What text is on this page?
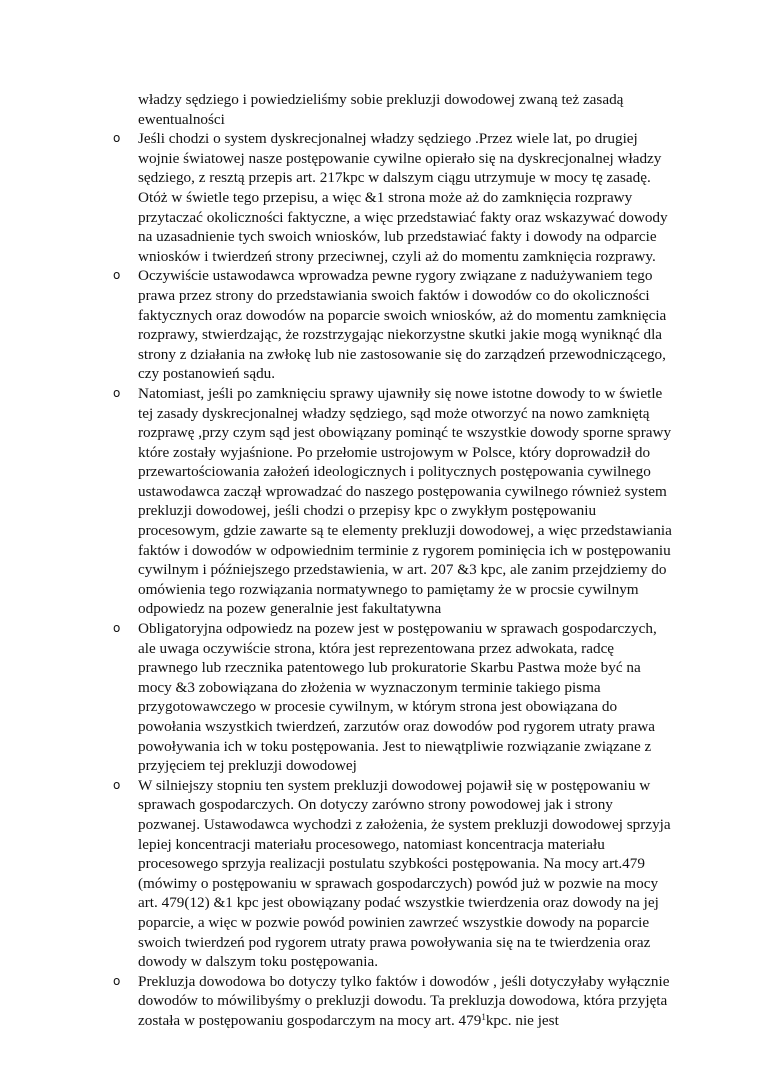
władzy sędziego i powiedzieliśmy sobie prekluzji dowodowej zwaną też zasadą ewentualności
o Jeśli chodzi o system dyskrecjonalnej władzy sędziego .Przez wiele lat, po drugiej wojnie światowej nasze postępowanie cywilne opierało się na dyskrecjonalnej władzy sędziego, z resztą przepis art. 217kpc w dalszym ciągu utrzymuje w mocy tę zasadę. Otóż w świetle tego przepisu, a więc &1 strona może aż do zamknięcia rozprawy przytaczać okoliczności faktyczne, a więc przedstawiać fakty oraz wskazywać dowody na uzasadnienie tych swoich wniosków, lub przedstawiać fakty i dowody na odparcie wniosków i twierdzeń strony przeciwnej, czyli aż do momentu zamknięcia rozprawy.
o Oczywiście ustawodawca wprowadza pewne rygory związane z nadużywaniem tego prawa przez strony do przedstawiania swoich faktów i dowodów co do okoliczności faktycznych oraz dowodów na poparcie swoich wniosków, aż do momentu zamknięcia rozprawy, stwierdzając, że rozstrzygając niekorzystne skutki jakie mogą wyniknąć dla strony z działania na zwłokę lub nie zastosowanie się do zarządzeń przewodniczącego, czy postanowień sądu.
o Natomiast, jeśli po zamknięciu sprawy ujawniły się nowe istotne dowody to w świetle tej zasady dyskrecjonalnej władzy sędziego, sąd może otworzyć na nowo zamkniętą rozprawę ,przy czym sąd jest obowiązany pominąć te wszystkie dowody sporne sprawy które zostały wyjaśnione. Po przełomie ustrojowym w Polsce, który doprowadził do przewartościowania założeń ideologicznych i politycznych postępowania cywilnego ustawodawca zaczął wprowadzać do naszego postępowania cywilnego również system prekluzji dowodowej, jeśli chodzi o przepisy kpc o zwykłym postępowaniu procesowym, gdzie zawarte są te elementy prekluzji dowodowej, a więc przedstawiania faktów i dowodów w odpowiednim terminie z rygorem pominięcia ich w postępowaniu cywilnym i późniejszego przedstawienia, w art. 207 &3 kpc, ale zanim przejdziemy do omówienia tego rozwiązania normatywnego to pamiętamy że w procsie cywilnym odpowiedz na pozew generalnie jest fakultatywna
o Obligatoryjna odpowiedz na pozew jest w postępowaniu w sprawach gospodarczych, ale uwaga oczywiście strona, która jest reprezentowana przez adwokata, radcę prawnego lub rzecznika patentowego lub prokuratorie Skarbu Pastwa może być na mocy &3 zobowiązana do złożenia w wyznaczonym terminie takiego pisma przygotowawczego w procesie cywilnym, w którym strona jest obowiązana do powołania wszystkich twierdzeń, zarzutów oraz dowodów pod rygorem utraty prawa powoływania ich w toku postępowania. Jest to niewątpliwie rozwiązanie związane z przyjęciem tej prekluzji dowodowej
o W silniejszy stopniu ten system prekluzji dowodowej pojawił się w postępowaniu w sprawach gospodarczych. On dotyczy zarówno strony powodowej jak i strony pozwanej. Ustawodawca wychodzi z założenia, że system prekluzji dowodowej sprzyja lepiej koncentracji materiału procesowego, natomiast koncentracja materiału procesowego sprzyja realizacji postulatu szybkości postępowania. Na mocy art.479 (mówimy o postępowaniu w sprawach gospodarczych) powód już w pozwie na mocy art. 479(12) &1 kpc jest obowiązany podać wszystkie twierdzenia oraz dowody na jej poparcie, a więc w pozwie powód powinien zawrzeć wszystkie dowody na poparcie swoich twierdzeń pod rygorem utraty prawa powoływania się na te twierdzenia oraz dowody w dalszym toku postępowania.
o Prekluzja dowodowa bo dotyczy tylko faktów i dowodów , jeśli dotyczyłaby wyłącznie dowodów to mówilibyśmy o prekluzji dowodu. Ta prekluzja dowodowa, która przyjęta została w postępowaniu gospodarczym na mocy art. $479^1kpc$. nie jest
